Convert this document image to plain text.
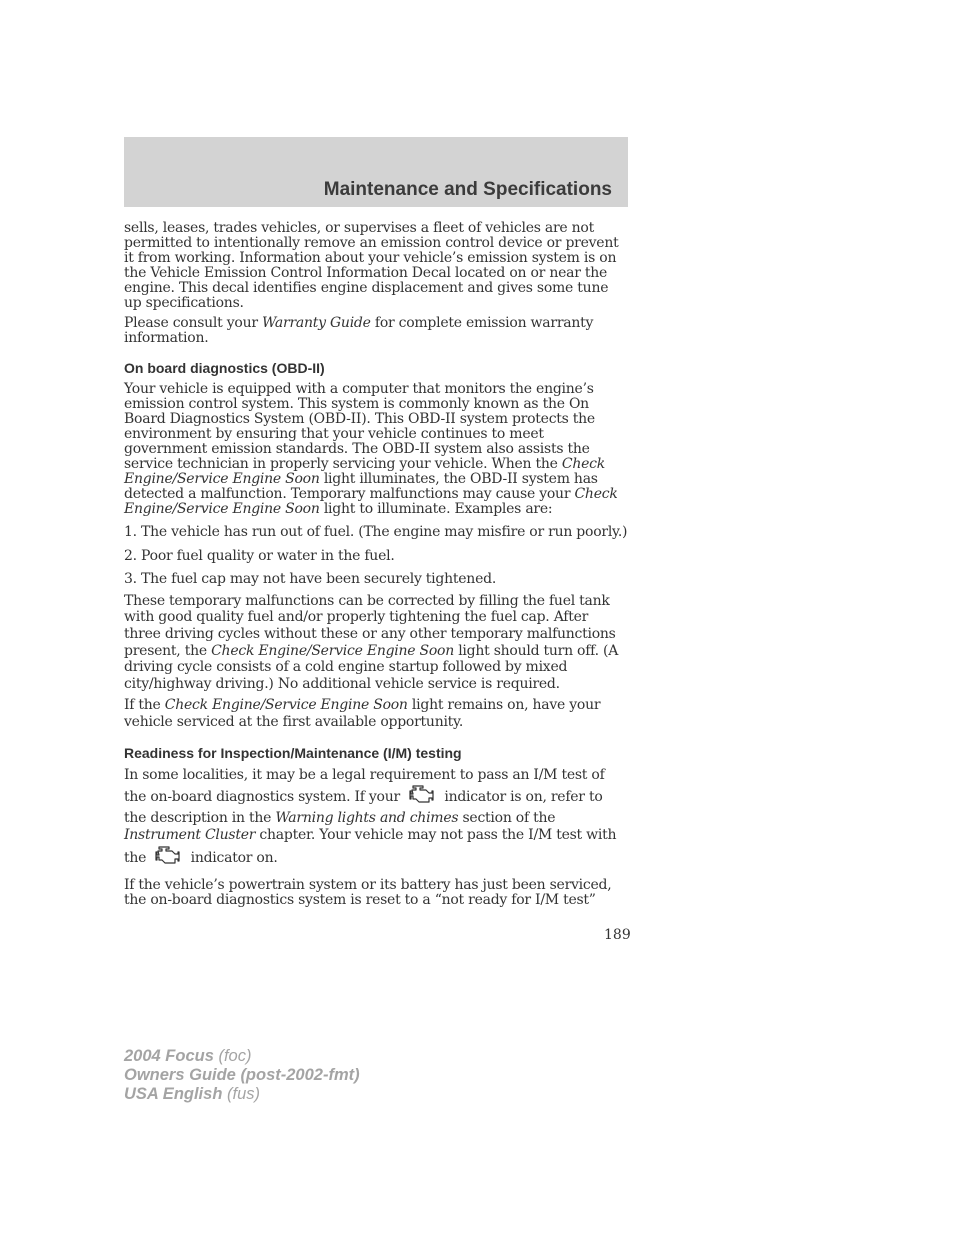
Maintenance and Specifications

sells, leases, trades vehicles, or supervises a fleet of vehicles are not permitted to intentionally remove an emission control device or prevent it from working. Information about your vehicle’s emission system is on the Vehicle Emission Control Information Decal located on or near the engine. This decal identifies engine displacement and gives some tune up specifications.

Please consult your Warranty Guide for complete emission warranty information.

On board diagnostics (OBD-II)

Your vehicle is equipped with a computer that monitors the engine’s emission control system. This system is commonly known as the On Board Diagnostics System (OBD-II). This OBD-II system protects the environment by ensuring that your vehicle continues to meet government emission standards. The OBD-II system also assists the service technician in properly servicing your vehicle. When the Check Engine/Service Engine Soon light illuminates, the OBD-II system has detected a malfunction. Temporary malfunctions may cause your Check Engine/Service Engine Soon light to illuminate. Examples are:

1. The vehicle has run out of fuel. (The engine may misfire or run poorly.)

2. Poor fuel quality or water in the fuel.

3. The fuel cap may not have been securely tightened.

These temporary malfunctions can be corrected by filling the fuel tank with good quality fuel and/or properly tightening the fuel cap. After three driving cycles without these or any other temporary malfunctions present, the Check Engine/Service Engine Soon light should turn off. (A driving cycle consists of a cold engine startup followed by mixed city/highway driving.) No additional vehicle service is required.

If the Check Engine/Service Engine Soon light remains on, have your vehicle serviced at the first available opportunity.

Readiness for Inspection/Maintenance (I/M) testing

In some localities, it may be a legal requirement to pass an I/M test of the on-board diagnostics system. If your	indicator is on, refer to the description in the Warning lights and chimes section of the Instrument Cluster chapter. Your vehicle may not pass the I/M test with the	indicator on.

If the vehicle’s powertrain system or its battery has just been serviced, the on-board diagnostics system is reset to a “not ready for I/M test”

189
2004 Focus (foc)
Owners Guide (post-2002-fmt)
USA English (fus)
